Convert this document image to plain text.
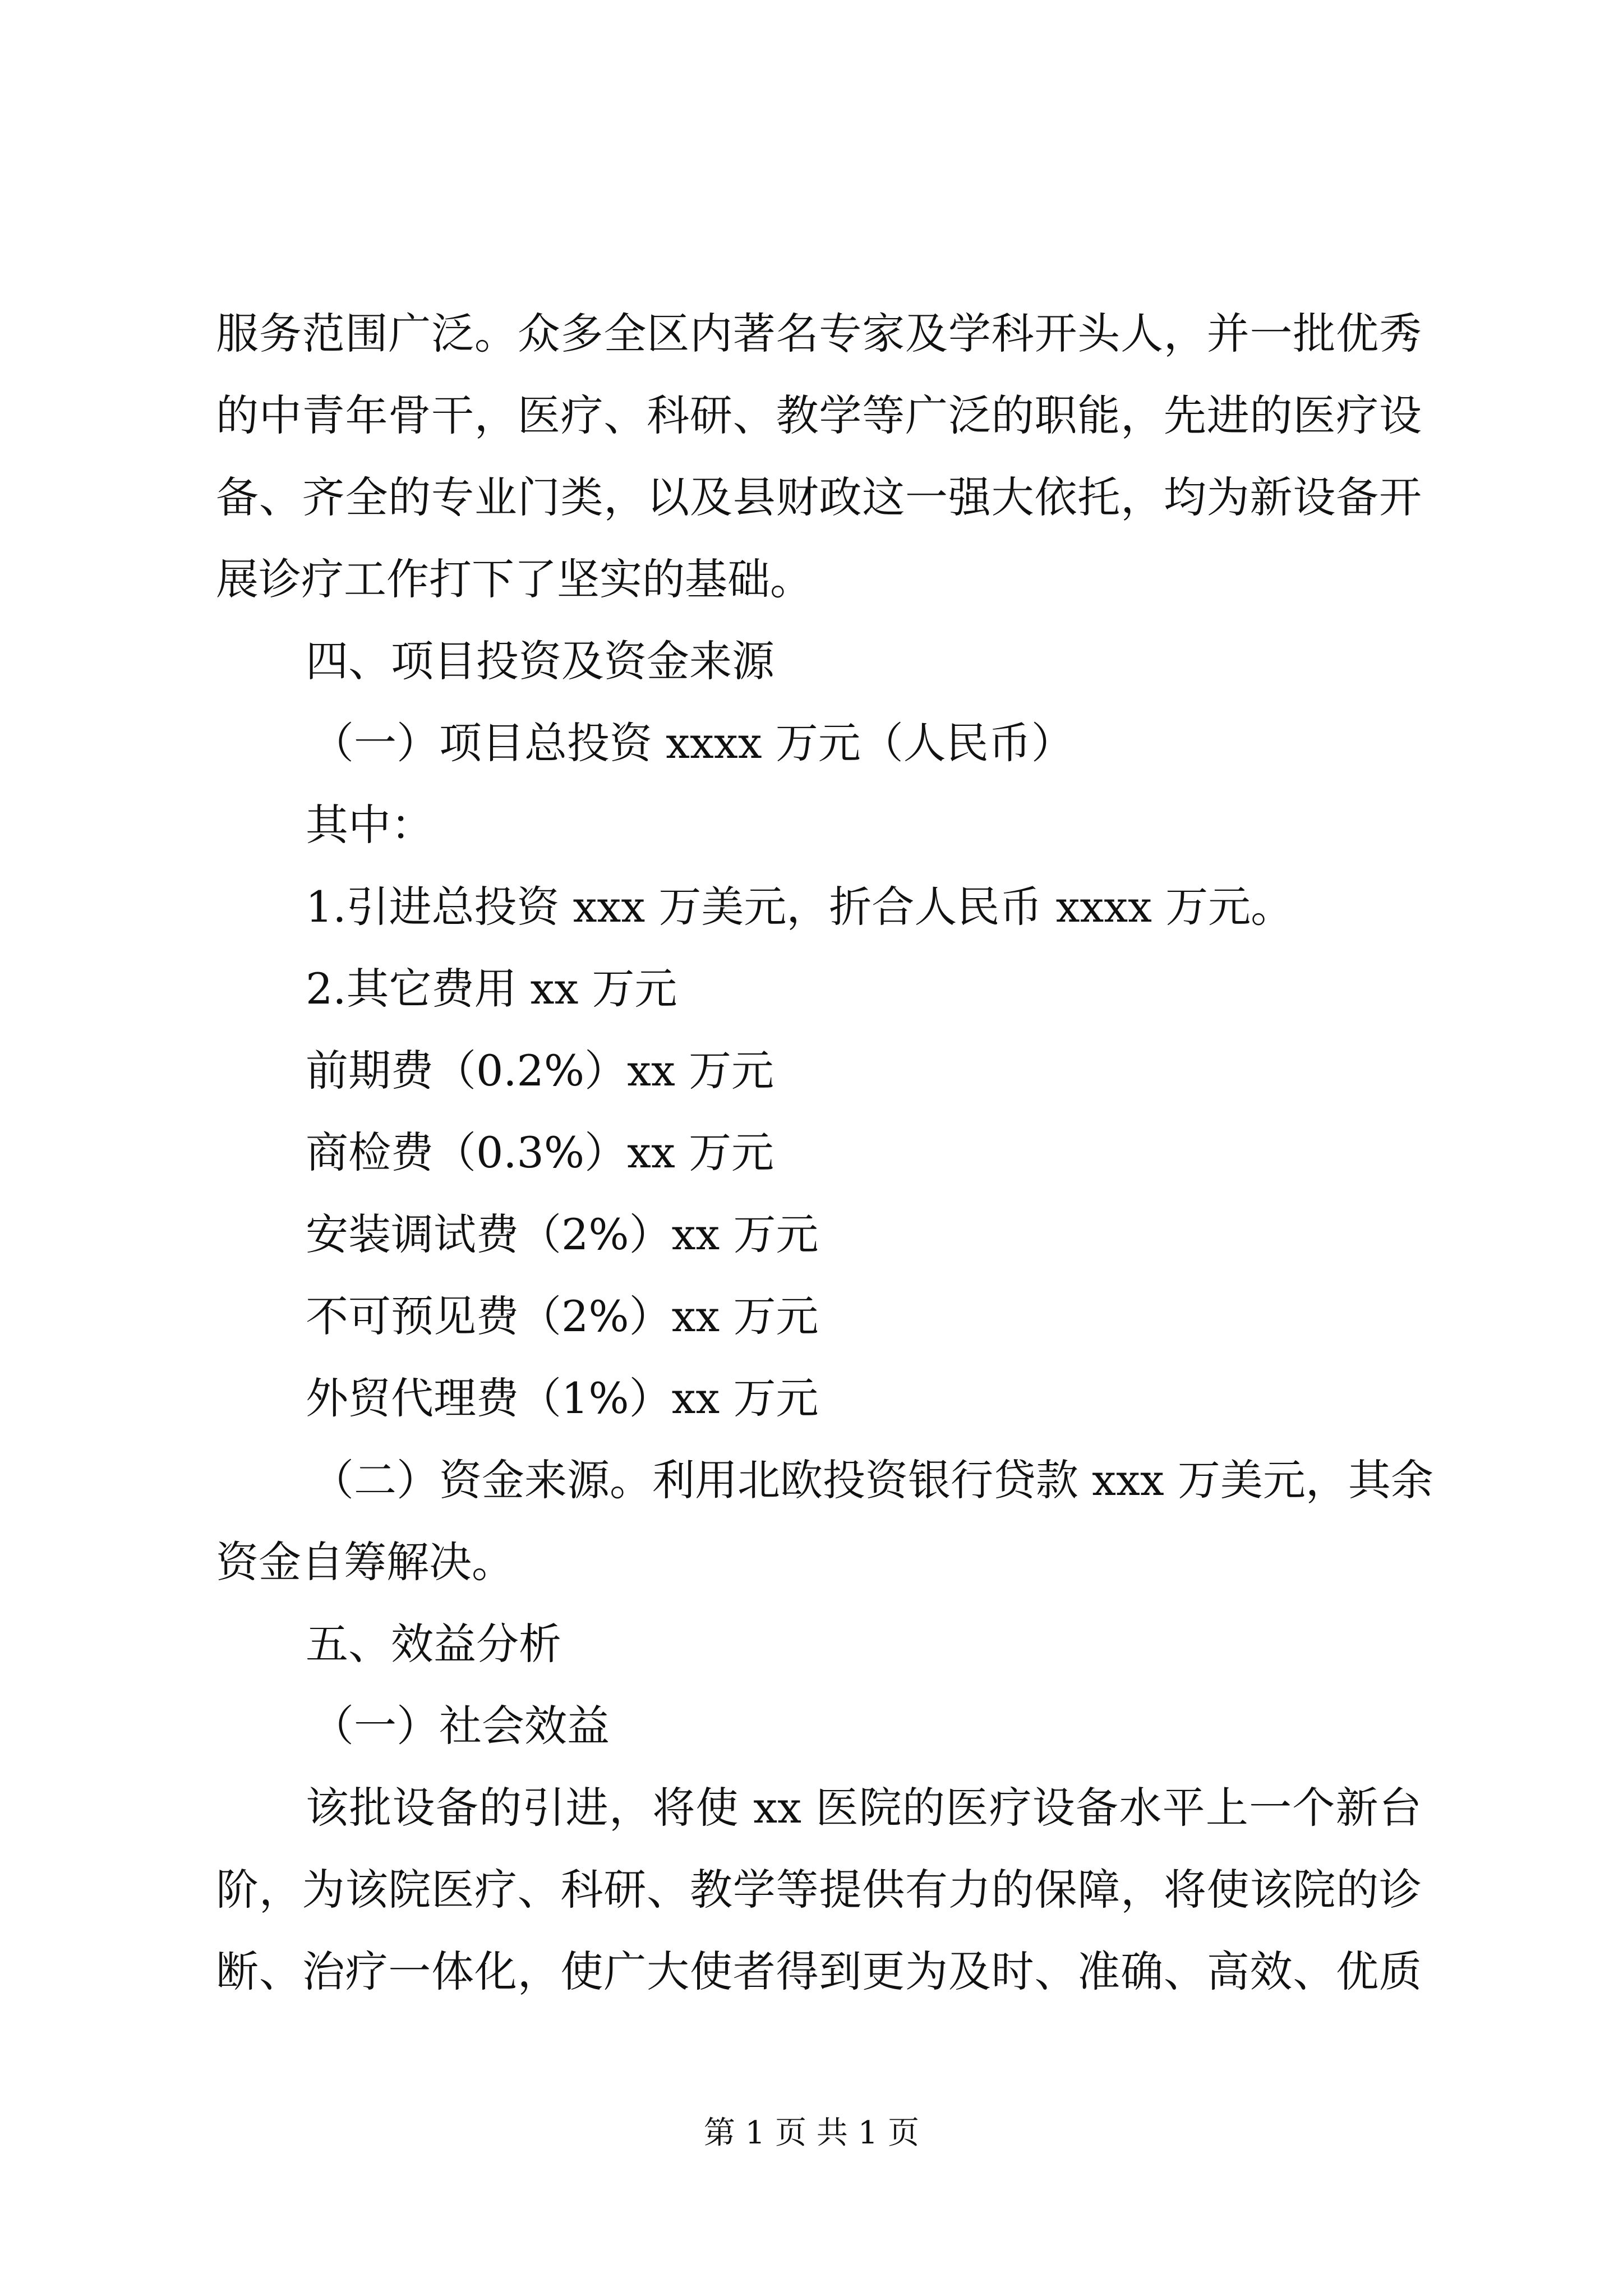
服务范围广泛。众多全区内著名专家及学科开头人，并一批优秀
的中青年骨干，医疗、科研、教学等广泛的职能，先进的医疗设
备、齐全的专业门类，以及县财政这一强大依托，均为新设备开
展诊疗工作打下了坚实的基础。
四、项目投资及资金来源
（一）项目总投资 xxxx 万元（人民币）
其中：
1.引进总投资 xxx 万美元，折合人民币 xxxx 万元。
2.其它费用 xx 万元
前期费（0.2%）xx 万元
商检费（0.3%）xx 万元
安装调试费（2%）xx 万元
不可预见费（2%）xx 万元
外贸代理费（1%）xx 万元
（二）资金来源。利用北欧投资银行贷款 xxx 万美元，其余
资金自筹解决。
五、效益分析
（一）社会效益
该批设备的引进，将使 xx 医院的医疗设备水平上一个新台
阶，为该院医疗、科研、教学等提供有力的保障，将使该院的诊
断、治疗一体化，使广大使者得到更为及时、准确、高效、优质
第 1 页 共 1 页
